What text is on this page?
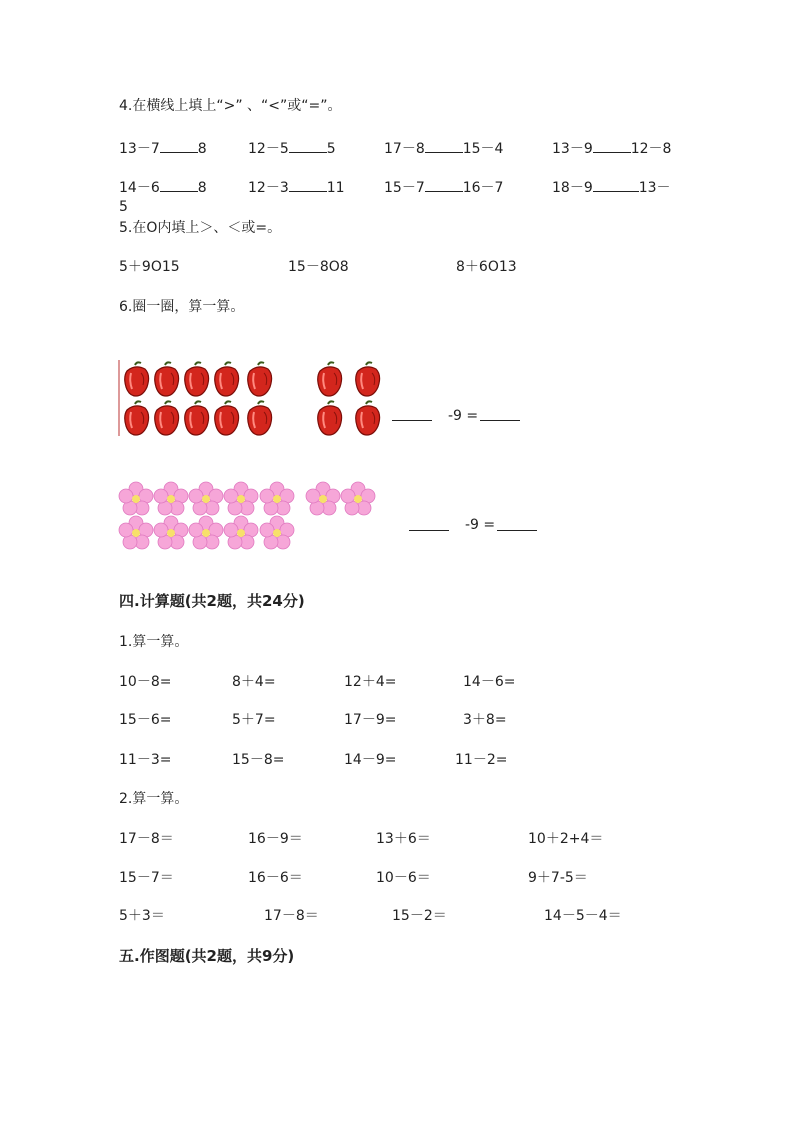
4.在横线上填上“>” 、“<”或“=”。
13－7	8	12－5	5	17－8	15－4	13－9	12－8
14－6	8	12－3	11	15－7	16－7	18－9	13－
5
5.在O内填上＞、＜或=。
5＋9O15	15－8O8	8＋6O13
6.圈一圈，算一算。
-9 =
-9 =
四.计算题(共2题，共24分)
1.算一算。
10－8=	8＋4=	12＋4=	14－6=
15－6=	5＋7=	17－9=	3＋8=
11－3=	15－8=	14－9=	11－2=
2.算一算。
17－8＝	16－9＝	13＋6＝	10＋2+4＝
15－7＝	16－6＝	10－6＝	9＋7-5＝
5＋3＝	17－8＝	15－2＝	14－5－4＝
五.作图题(共2题，共9分)
